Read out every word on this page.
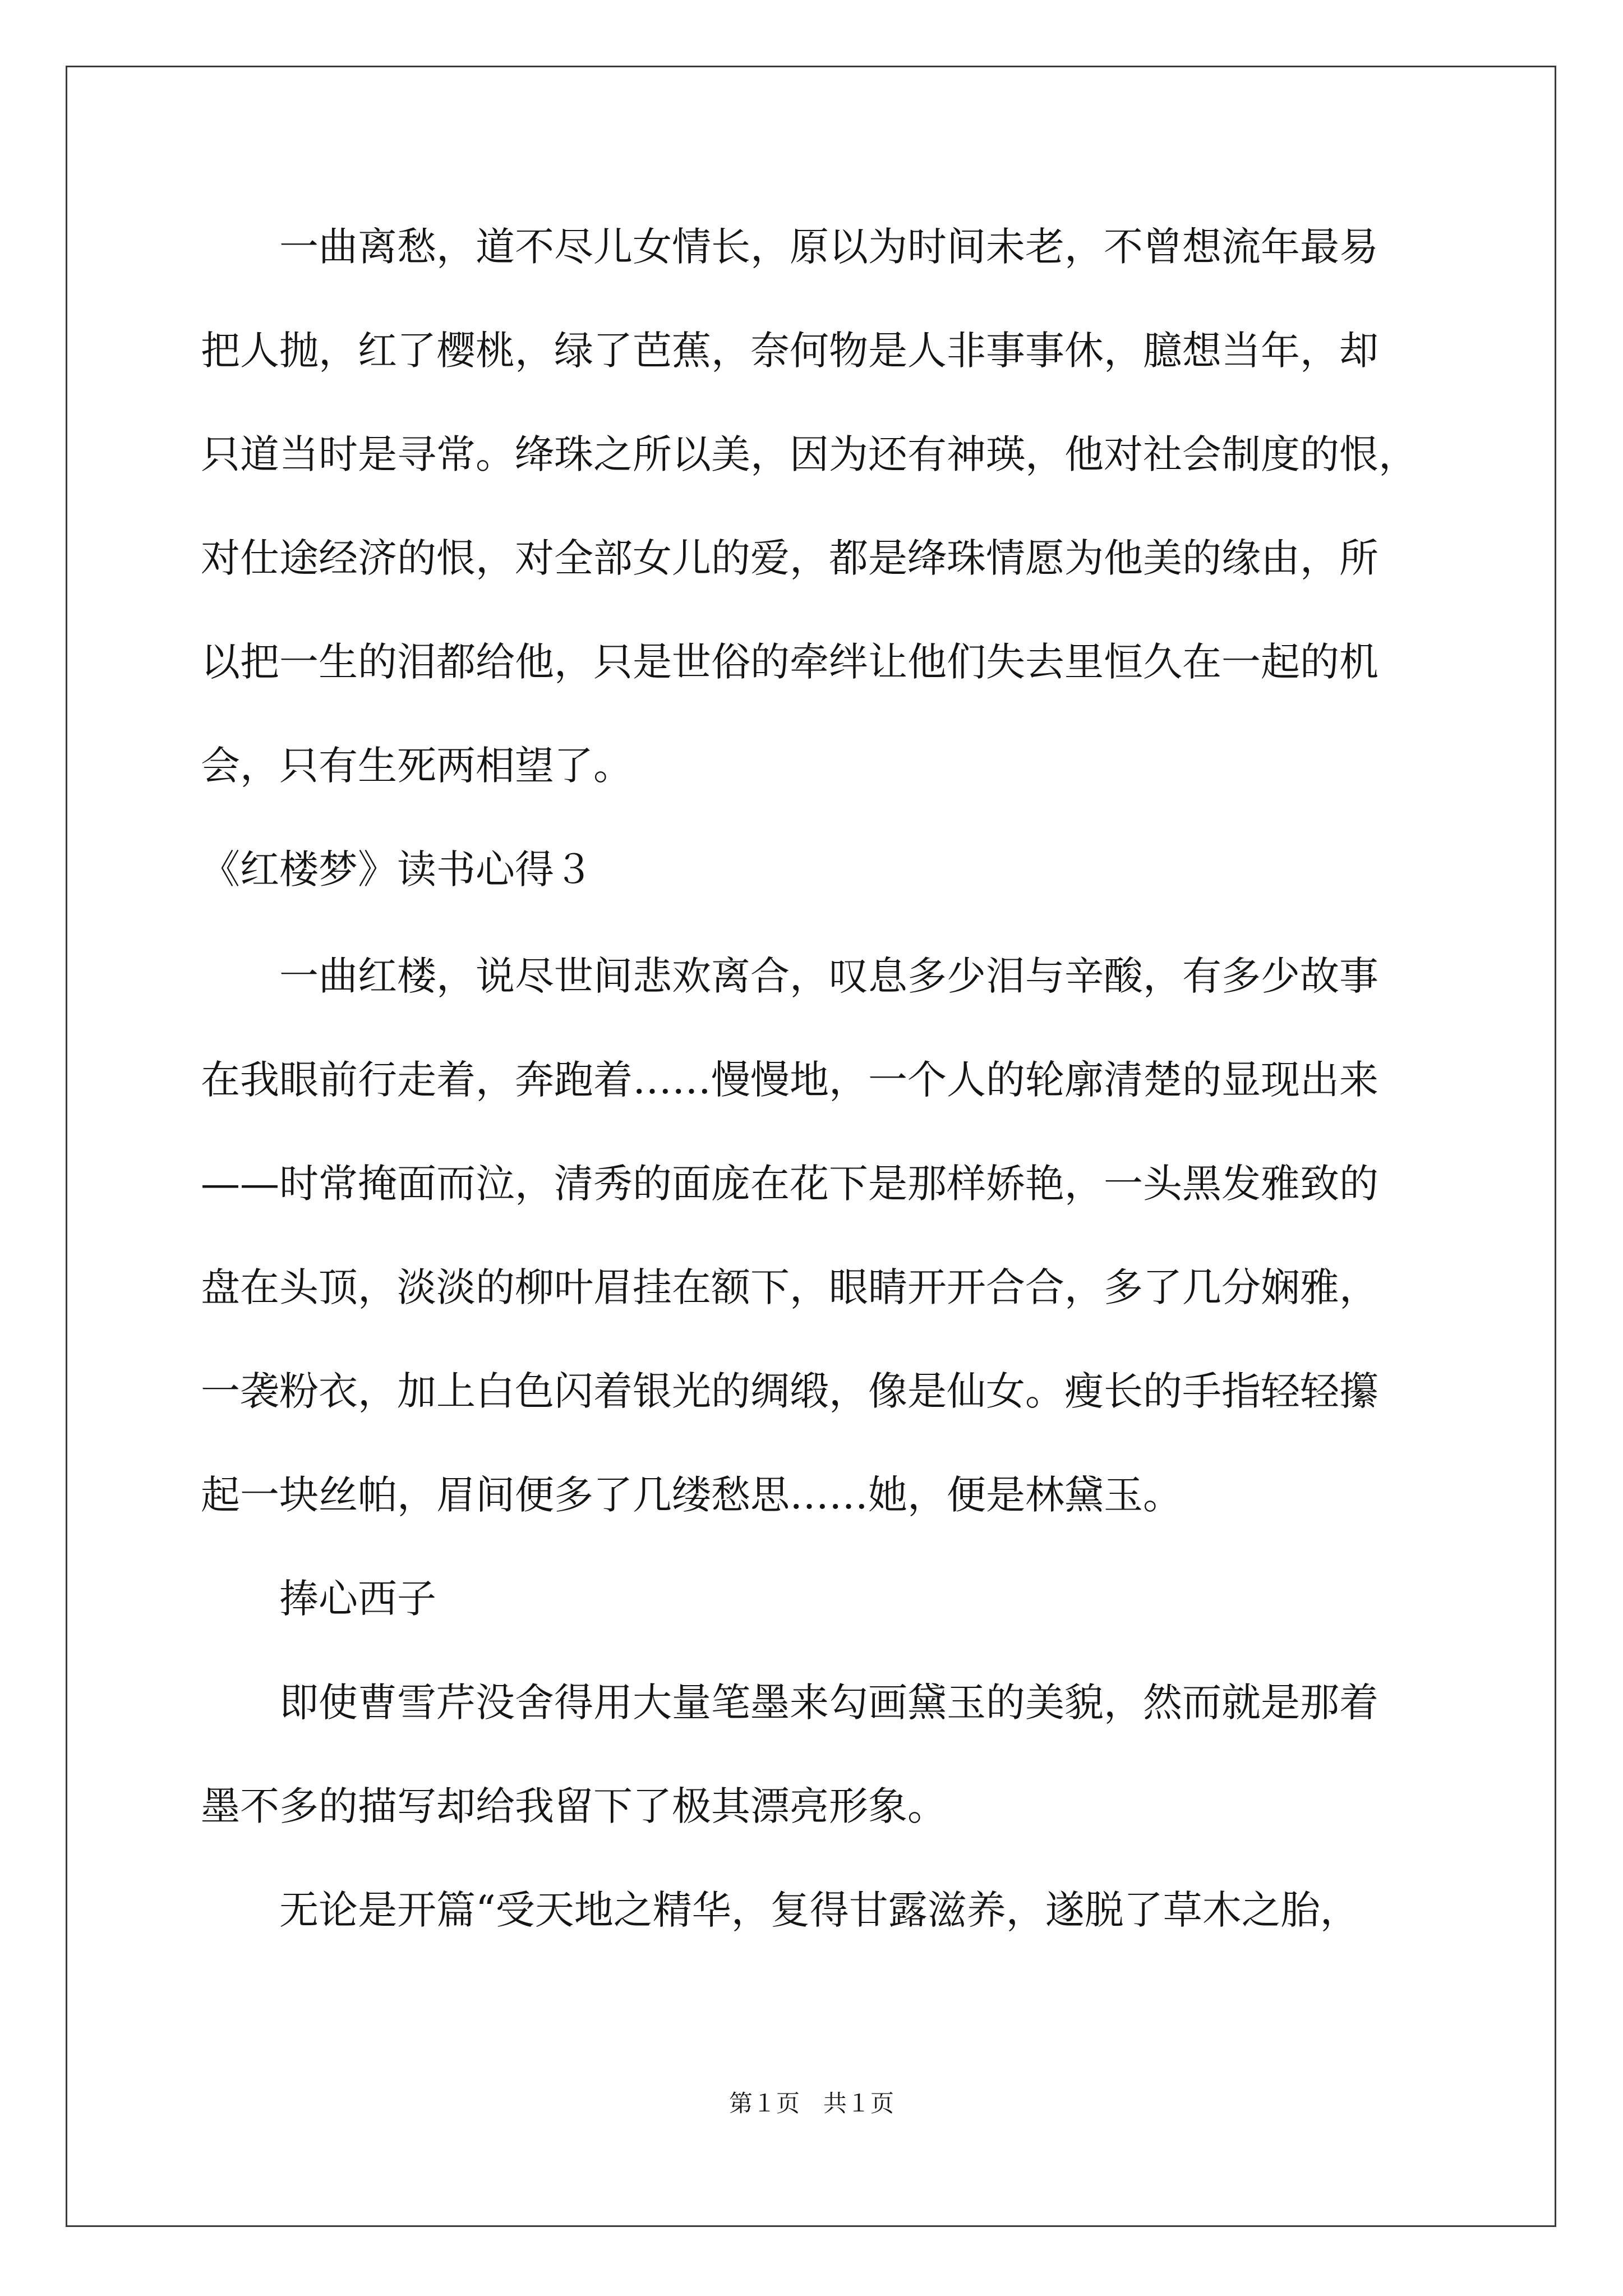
一曲离愁，道不尽儿女情长，原以为时间未老，不曾想流年最易
把人抛，红了樱桃，绿了芭蕉，奈何物是人非事事休，臆想当年，却
只道当时是寻常。绛珠之所以美，因为还有神瑛，他对社会制度的恨，
对仕途经济的恨，对全部女儿的爱，都是绛珠情愿为他美的缘由，所
以把一生的泪都给他，只是世俗的牵绊让他们失去里恒久在一起的机
会，只有生死两相望了。
《红楼梦》读书心得３
一曲红楼，说尽世间悲欢离合，叹息多少泪与辛酸，有多少故事
在我眼前行走着，奔跑着……慢慢地，一个人的轮廓清楚的显现出来
——时常掩面而泣，清秀的面庞在花下是那样娇艳，一头黑发雅致的
盘在头顶，淡淡的柳叶眉挂在额下，眼睛开开合合，多了几分娴雅，
一袭粉衣，加上白色闪着银光的绸缎，像是仙女。瘦长的手指轻轻攥
起一块丝帕，眉间便多了几缕愁思……她，便是林黛玉。
捧心西子
即使曹雪芹没舍得用大量笔墨来勾画黛玉的美貌，然而就是那着
墨不多的描写却给我留下了极其漂亮形象。
无论是开篇“受天地之精华，复得甘露滋养，遂脱了草木之胎，
第１页　共１页
